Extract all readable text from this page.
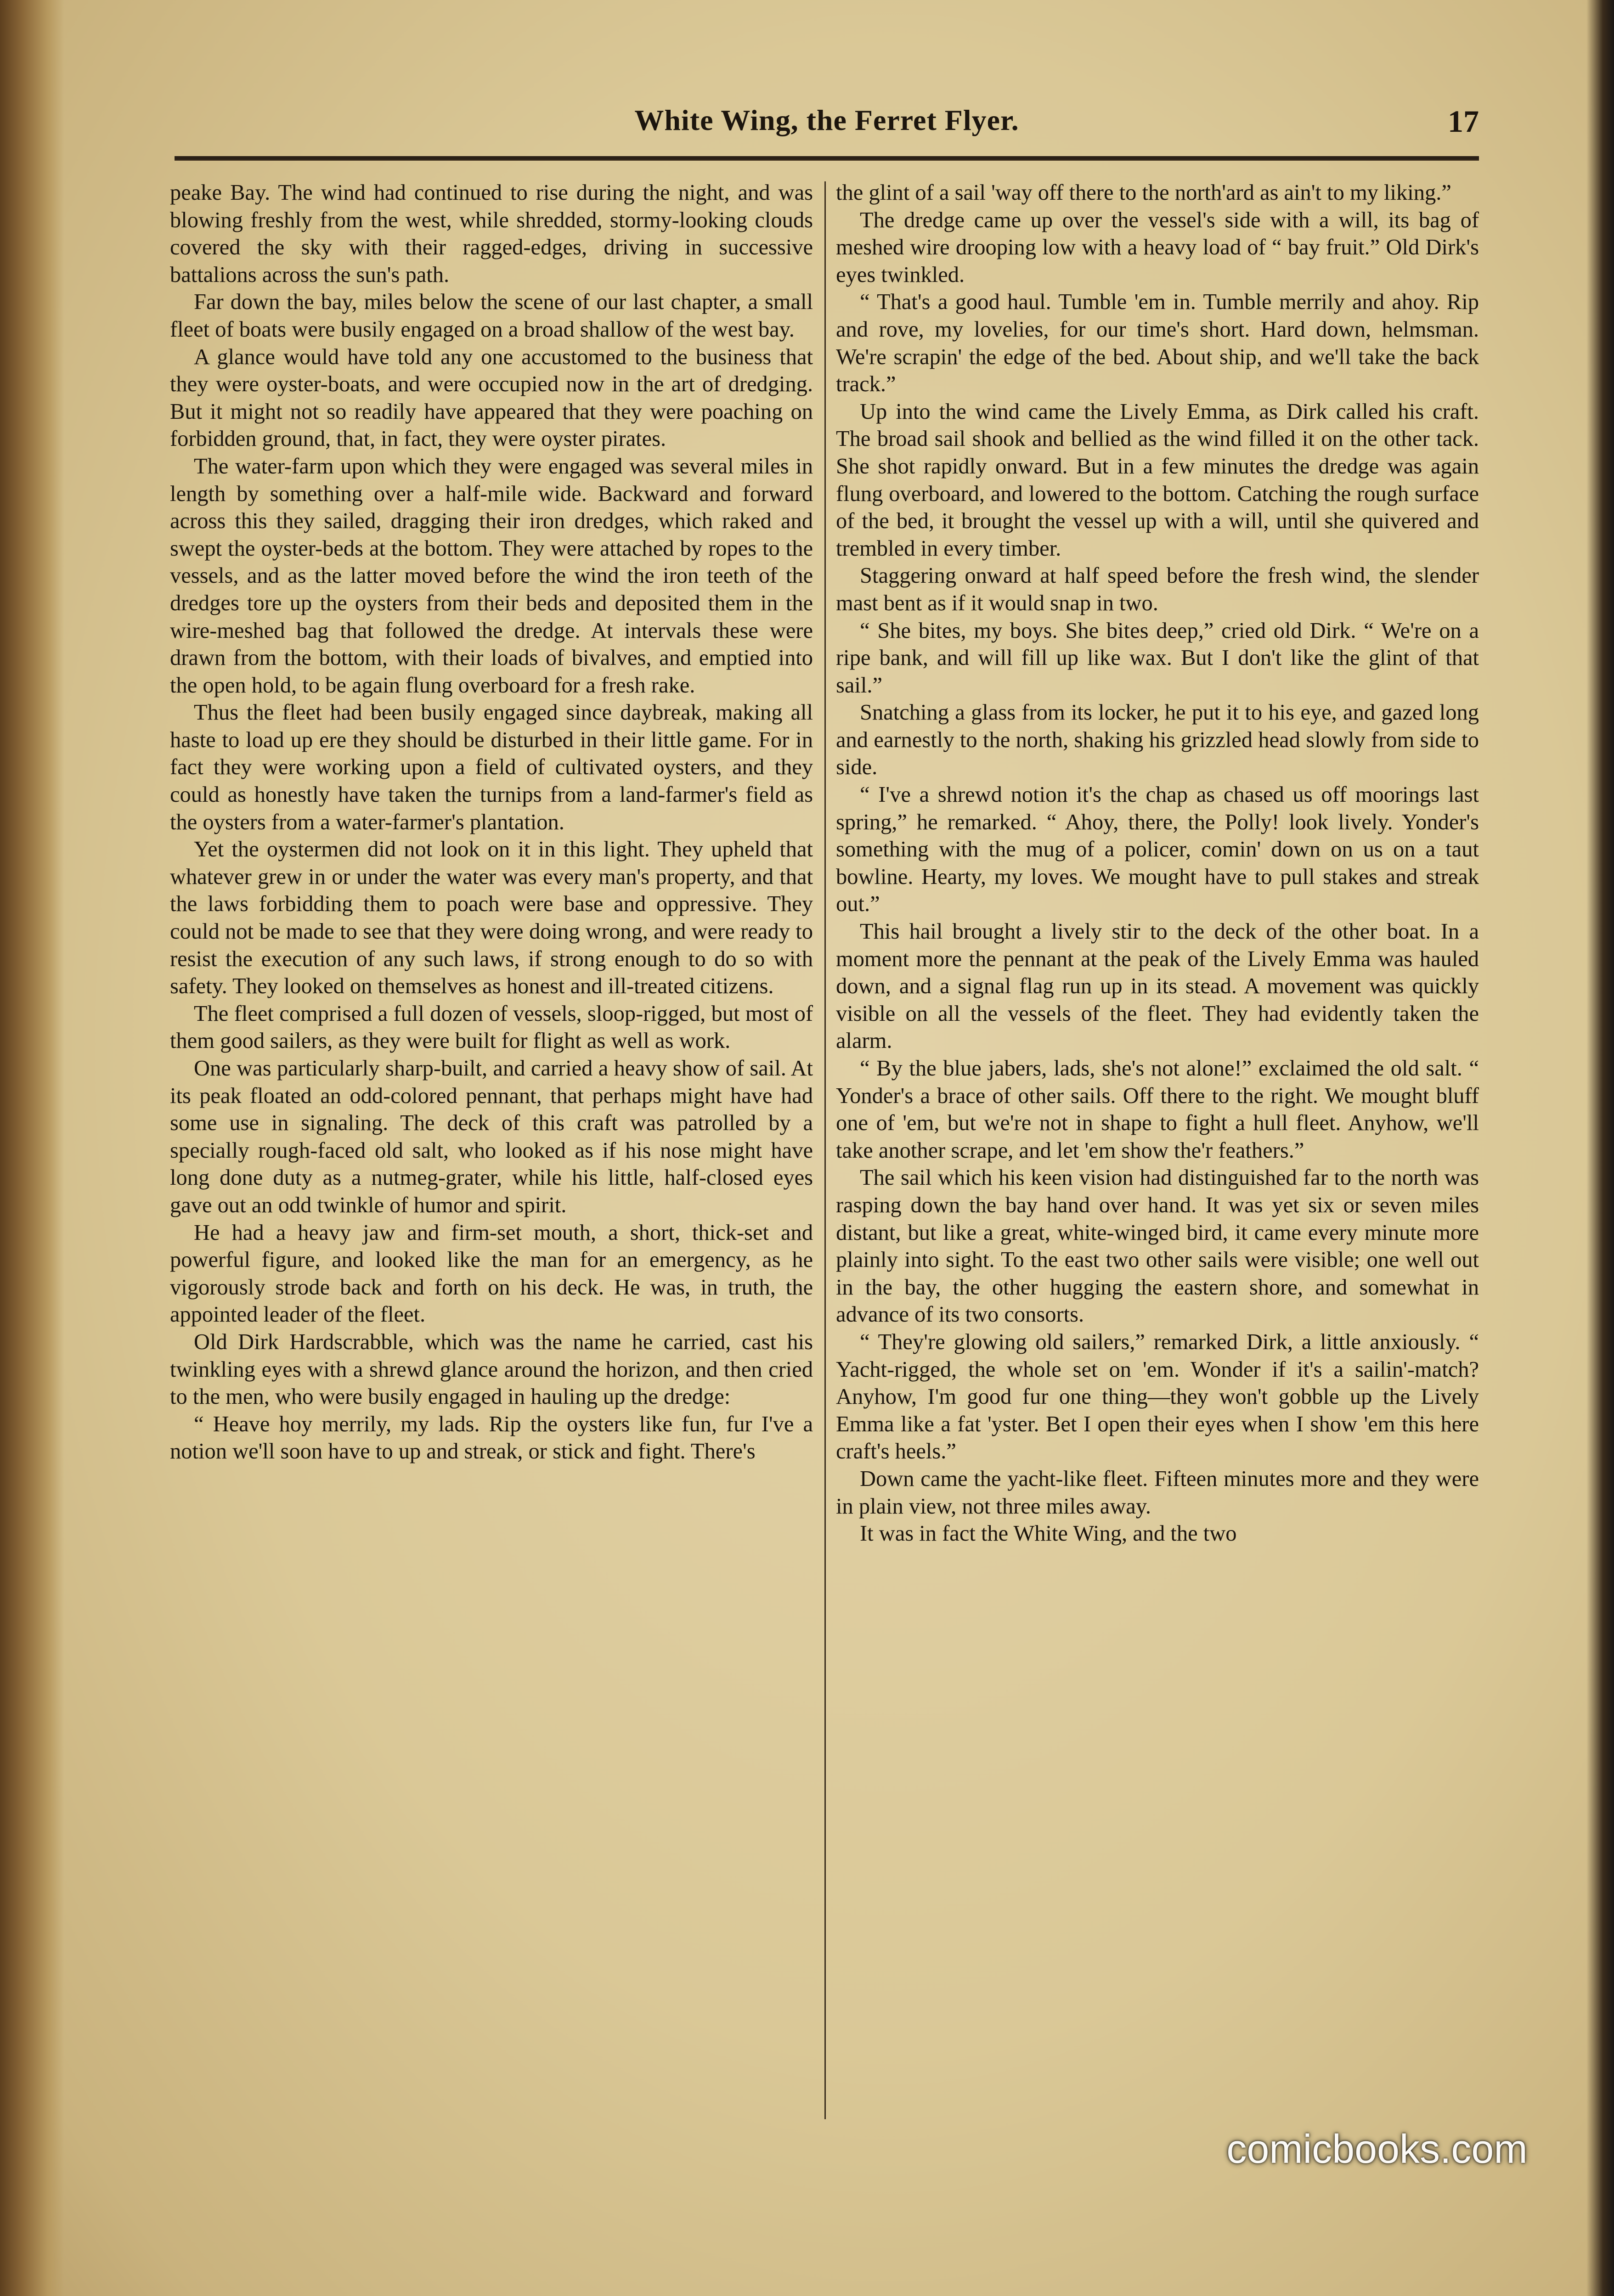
White Wing, the Ferret Flyer.	17

peake Bay. The wind had continued to rise during the night, and was blowing freshly from the west, while shredded, stormy-looking clouds covered the sky with their ragged-edges, driving in successive battalions across the sun's path.

Far down the bay, miles below the scene of our last chapter, a small fleet of boats were busily engaged on a broad shallow of the west bay.

A glance would have told any one accustomed to the business that they were oyster-boats, and were occupied now in the art of dredging. But it might not so readily have appeared that they were poaching on forbidden ground, that, in fact, they were oyster pirates.

The water-farm upon which they were engaged was several miles in length by something over a half-mile wide. Backward and forward across this they sailed, dragging their iron dredges, which raked and swept the oyster-beds at the bottom. They were attached by ropes to the vessels, and as the latter moved before the wind the iron teeth of the dredges tore up the oysters from their beds and deposited them in the wire-meshed bag that followed the dredge. At intervals these were drawn from the bottom, with their loads of bivalves, and emptied into the open hold, to be again flung overboard for a fresh rake.

Thus the fleet had been busily engaged since daybreak, making all haste to load up ere they should be disturbed in their little game. For in fact they were working upon a field of cultivated oysters, and they could as honestly have taken the turnips from a land-farmer's field as the oysters from a water-farmer's plantation.

Yet the oystermen did not look on it in this light. They upheld that whatever grew in or under the water was every man's property, and that the laws forbidding them to poach were base and oppressive. They could not be made to see that they were doing wrong, and were ready to resist the execution of any such laws, if strong enough to do so with safety. They looked on themselves as honest and ill-treated citizens.

The fleet comprised a full dozen of vessels, sloop-rigged, but most of them good sailers, as they were built for flight as well as work.

One was particularly sharp-built, and carried a heavy show of sail. At its peak floated an odd-colored pennant, that perhaps might have had some use in signaling. The deck of this craft was patrolled by a specially rough-faced old salt, who looked as if his nose might have long done duty as a nutmeg-grater, while his little, half-closed eyes gave out an odd twinkle of humor and spirit.

He had a heavy jaw and firm-set mouth, a short, thick-set and powerful figure, and looked like the man for an emergency, as he vigorously strode back and forth on his deck. He was, in truth, the appointed leader of the fleet.

Old Dirk Hardscrabble, which was the name he carried, cast his twinkling eyes with a shrewd glance around the horizon, and then cried to the men, who were busily engaged in hauling up the dredge:

“ Heave hoy merrily, my lads. Rip the oysters like fun, fur I've a notion we'll soon have to up and streak, or stick and fight. There's

the glint of a sail 'way off there to the north'ard as ain't to my liking.”

The dredge came up over the vessel's side with a will, its bag of meshed wire drooping low with a heavy load of “ bay fruit.” Old Dirk's eyes twinkled.

“ That's a good haul. Tumble 'em in. Tumble merrily and ahoy. Rip and rove, my lovelies, for our time's short. Hard down, helmsman. We're scrapin' the edge of the bed. About ship, and we'll take the back track.”

Up into the wind came the Lively Emma, as Dirk called his craft. The broad sail shook and bellied as the wind filled it on the other tack. She shot rapidly onward. But in a few minutes the dredge was again flung overboard, and lowered to the bottom. Catching the rough surface of the bed, it brought the vessel up with a will, until she quivered and trembled in every timber.

Staggering onward at half speed before the fresh wind, the slender mast bent as if it would snap in two.

“ She bites, my boys. She bites deep,” cried old Dirk. “ We're on a ripe bank, and will fill up like wax. But I don't like the glint of that sail.”

Snatching a glass from its locker, he put it to his eye, and gazed long and earnestly to the north, shaking his grizzled head slowly from side to side.

“ I've a shrewd notion it's the chap as chased us off moorings last spring,” he remarked. “ Ahoy, there, the Polly! look lively. Yonder's something with the mug of a policer, comin' down on us on a taut bowline. Hearty, my loves. We mought have to pull stakes and streak out.”

This hail brought a lively stir to the deck of the other boat. In a moment more the pennant at the peak of the Lively Emma was hauled down, and a signal flag run up in its stead. A movement was quickly visible on all the vessels of the fleet. They had evidently taken the alarm.

“ By the blue jabers, lads, she's not alone!” exclaimed the old salt. “ Yonder's a brace of other sails. Off there to the right. We mought bluff one of 'em, but we're not in shape to fight a hull fleet. Anyhow, we'll take another scrape, and let 'em show the'r feathers.”

The sail which his keen vision had distinguished far to the north was rasping down the bay hand over hand. It was yet six or seven miles distant, but like a great, white-winged bird, it came every minute more plainly into sight. To the east two other sails were visible; one well out in the bay, the other hugging the eastern shore, and somewhat in advance of its two consorts.

“ They're glowing old sailers,” remarked Dirk, a little anxiously. “ Yacht-rigged, the whole set on 'em. Wonder if it's a sailin'-match? Anyhow, I'm good fur one thing—they won't gobble up the Lively Emma like a fat 'yster. Bet I open their eyes when I show 'em this here craft's heels.”

Down came the yacht-like fleet. Fifteen minutes more and they were in plain view, not three miles away.

It was in fact the White Wing, and the two

comicbooks.com
